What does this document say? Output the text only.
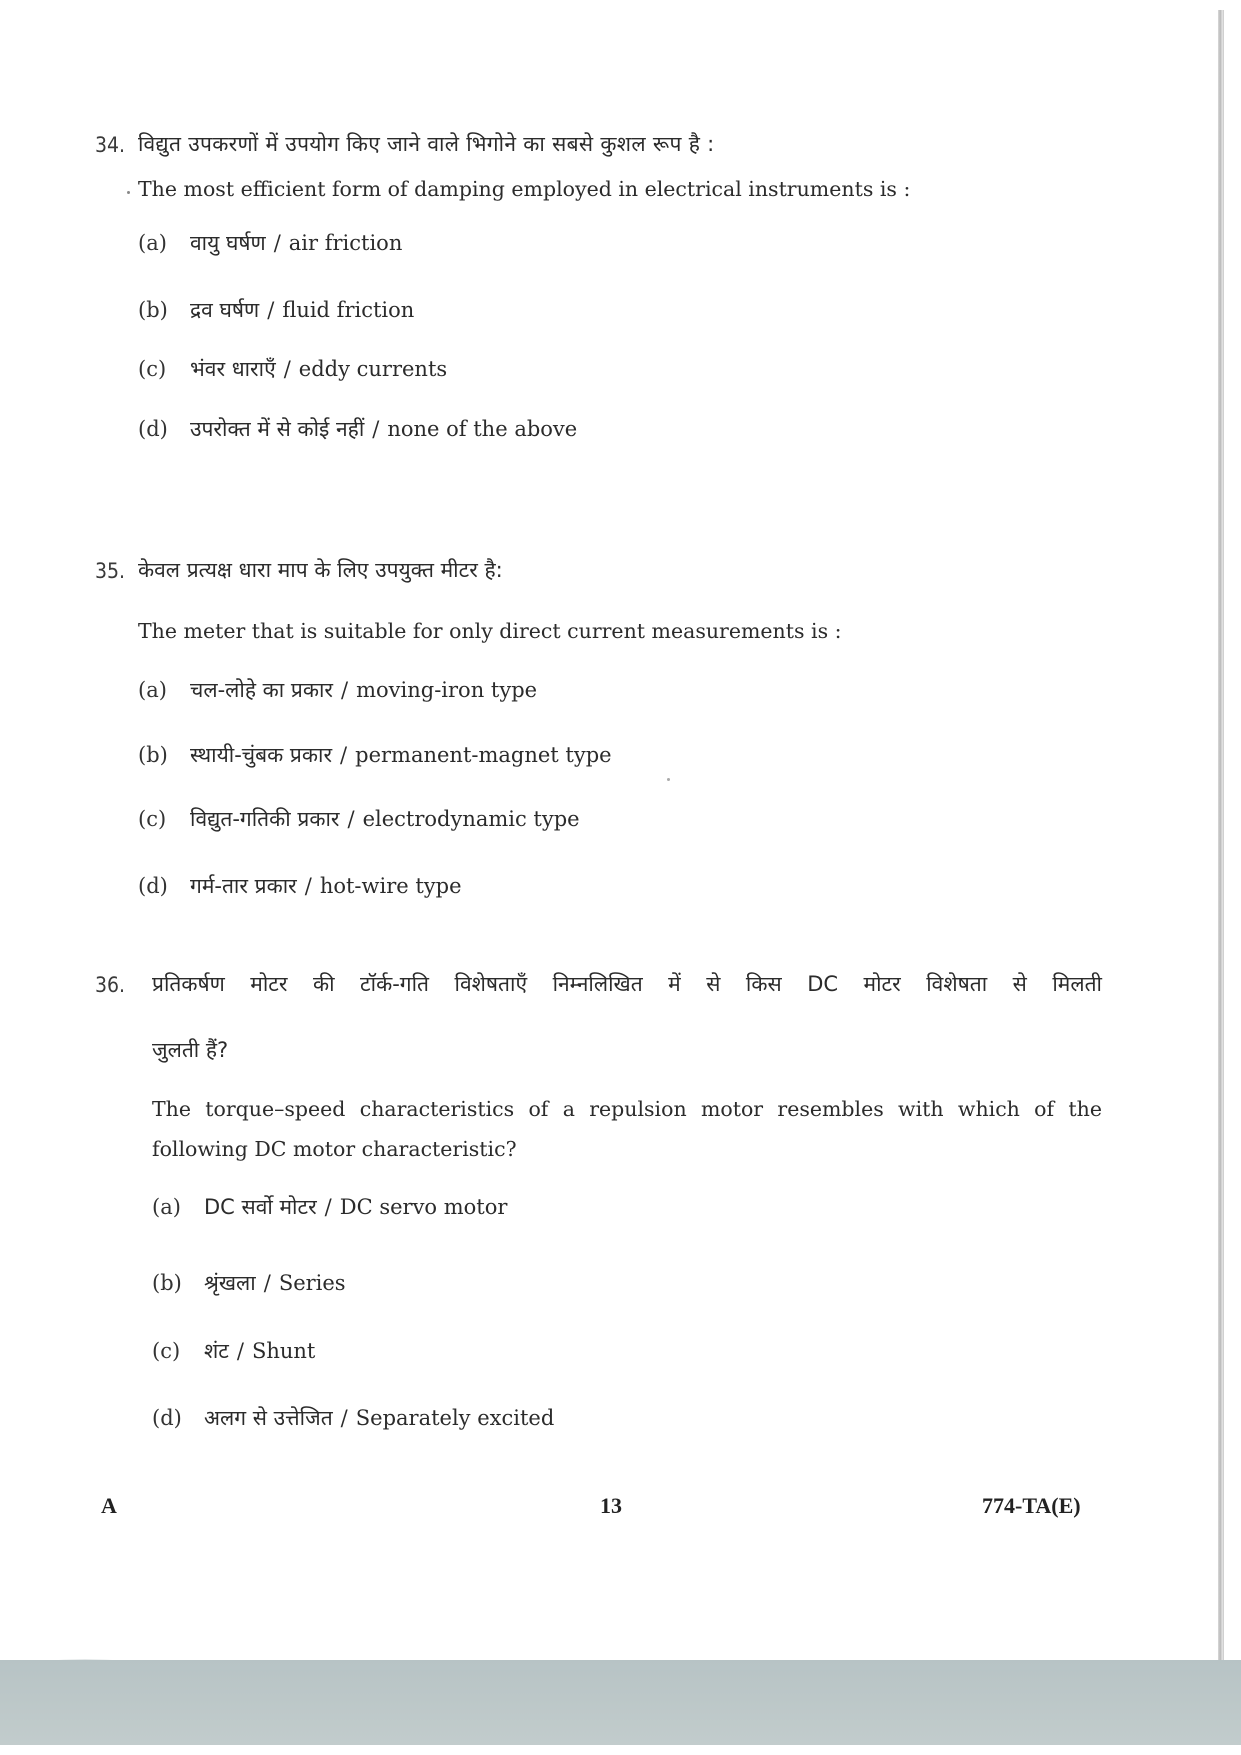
34. विद्युत उपकरणों में उपयोग किए जाने वाले भिगोने का सबसे कुशल रूप है :
The most efficient form of damping employed in electrical instruments is :
(a) वायु घर्षण / air friction
(b) द्रव घर्षण / fluid friction
(c) भंवर धाराएँ / eddy currents
(d) उपरोक्त में से कोई नहीं / none of the above
35. केवल प्रत्यक्ष धारा माप के लिए उपयुक्त मीटर है:
The meter that is suitable for only direct current measurements is :
(a) चल-लोहे का प्रकार / moving-iron type
(b) स्थायी-चुंबक प्रकार / permanent-magnet type
(c) विद्युत-गतिकी प्रकार / electrodynamic type
(d) गर्म-तार प्रकार / hot-wire type
36. प्रतिकर्षण मोटर की टॉर्क-गति विशेषताएँ निम्नलिखित में से किस DC मोटर विशेषता से मिलती
जुलती हैं?
The torque–speed characteristics of a repulsion motor resembles with which of the
following DC motor characteristic?
(a) DC सर्वो मोटर / DC servo motor
(b) श्रृंखला / Series
(c) शंट / Shunt
(d) अलग से उत्तेजित / Separately excited
A	13	774-TA(E)
